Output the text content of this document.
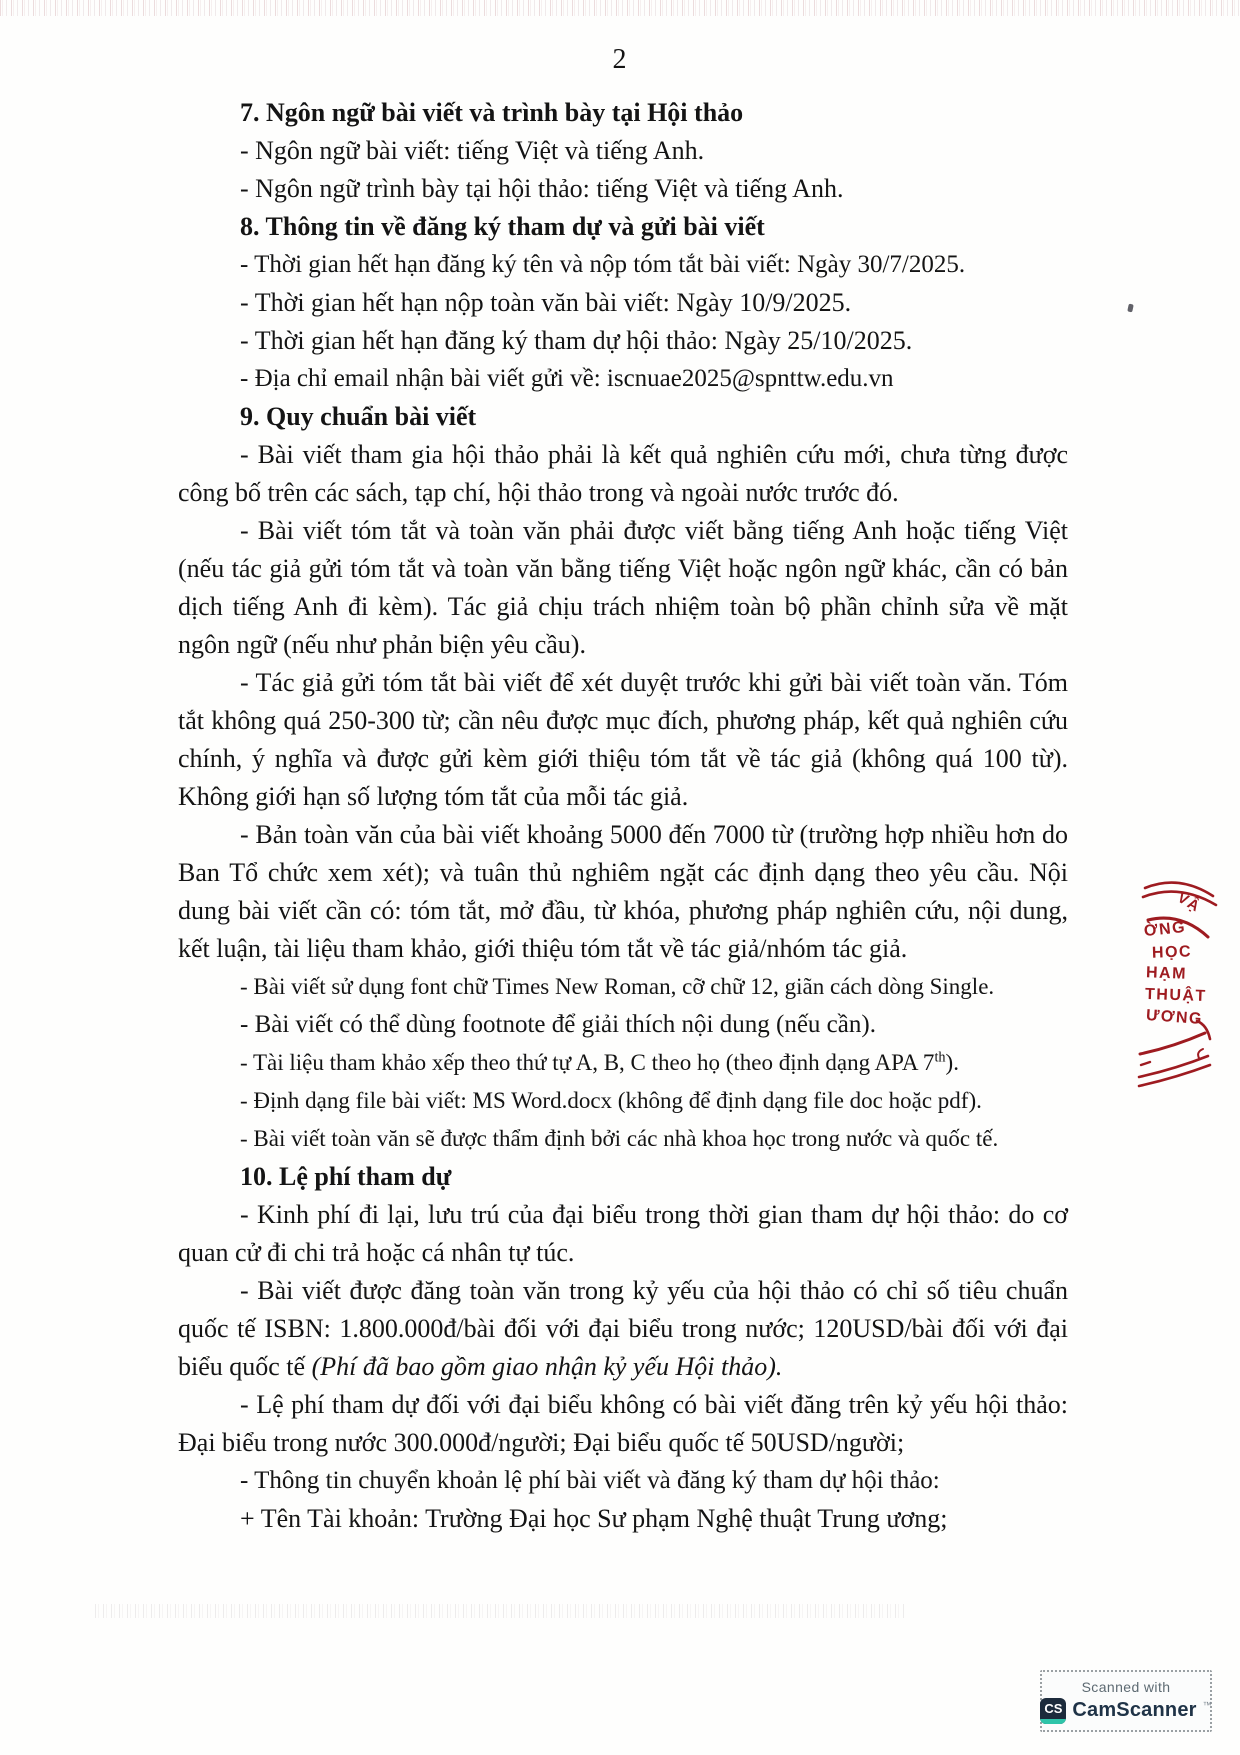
2

7. Ngôn ngữ bài viết và trình bày tại Hội thảo

- Ngôn ngữ bài viết: tiếng Việt và tiếng Anh.

- Ngôn ngữ trình bày tại hội thảo: tiếng Việt và tiếng Anh.

8. Thông tin về đăng ký tham dự và gửi bài viết

- Thời gian hết hạn đăng ký tên và nộp tóm tắt bài viết: Ngày 30/7/2025.

- Thời gian hết hạn nộp toàn văn bài viết: Ngày 10/9/2025.

- Thời gian hết hạn đăng ký tham dự hội thảo: Ngày 25/10/2025.

- Địa chỉ email nhận bài viết gửi về: iscnuae2025@spnttw.edu.vn

9. Quy chuẩn bài viết

- Bài viết tham gia hội thảo phải là kết quả nghiên cứu mới, chưa từng được công bố trên các sách, tạp chí, hội thảo trong và ngoài nước trước đó.

- Bài viết tóm tắt và toàn văn phải được viết bằng tiếng Anh hoặc tiếng Việt (nếu tác giả gửi tóm tắt và toàn văn bằng tiếng Việt hoặc ngôn ngữ khác, cần có bản dịch tiếng Anh đi kèm). Tác giả chịu trách nhiệm toàn bộ phần chỉnh sửa về mặt ngôn ngữ (nếu như phản biện yêu cầu).

- Tác giả gửi tóm tắt bài viết để xét duyệt trước khi gửi bài viết toàn văn. Tóm tắt không quá 250-300 từ; cần nêu được mục đích, phương pháp, kết quả nghiên cứu chính, ý nghĩa và được gửi kèm giới thiệu tóm tắt về tác giả (không quá 100 từ). Không giới hạn số lượng tóm tắt của mỗi tác giả.

- Bản toàn văn của bài viết khoảng 5000 đến 7000 từ (trường hợp nhiều hơn do Ban Tổ chức xem xét); và tuân thủ nghiêm ngặt các định dạng theo yêu cầu. Nội dung bài viết cần có: tóm tắt, mở đầu, từ khóa, phương pháp nghiên cứu, nội dung, kết luận, tài liệu tham khảo, giới thiệu tóm tắt về tác giả/nhóm tác giả.

- Bài viết sử dụng font chữ Times New Roman, cỡ chữ 12, giãn cách dòng Single.

- Bài viết có thể dùng footnote để giải thích nội dung (nếu cần).

- Tài liệu tham khảo xếp theo thứ tự A, B, C theo họ (theo định dạng APA 7th).

- Định dạng file bài viết: MS Word.docx (không để định dạng file doc hoặc pdf).

- Bài viết toàn văn sẽ được thẩm định bởi các nhà khoa học trong nước và quốc tế.

10. Lệ phí tham dự

- Kinh phí đi lại, lưu trú của đại biểu trong thời gian tham dự hội thảo: do cơ quan cử đi chi trả hoặc cá nhân tự túc.

- Bài viết được đăng toàn văn trong kỷ yếu của hội thảo có chỉ số tiêu chuẩn quốc tế ISBN: 1.800.000đ/bài đối với đại biểu trong nước; 120USD/bài đối với đại biểu quốc tế (Phí đã bao gồm giao nhận kỷ yếu Hội thảo).

- Lệ phí tham dự đối với đại biểu không có bài viết đăng trên kỷ yếu hội thảo: Đại biểu trong nước 300.000đ/người; Đại biểu quốc tế 50USD/người;

- Thông tin chuyển khoản lệ phí bài viết và đăng ký tham dự hội thảo:

+ Tên Tài khoản: Trường Đại học Sư phạm Nghệ thuật Trung ương;

VẬ
ỜNG
HỌC
HẠM
THUẬT
ƯƠNG
Scanned with
CS CamScanner ™
